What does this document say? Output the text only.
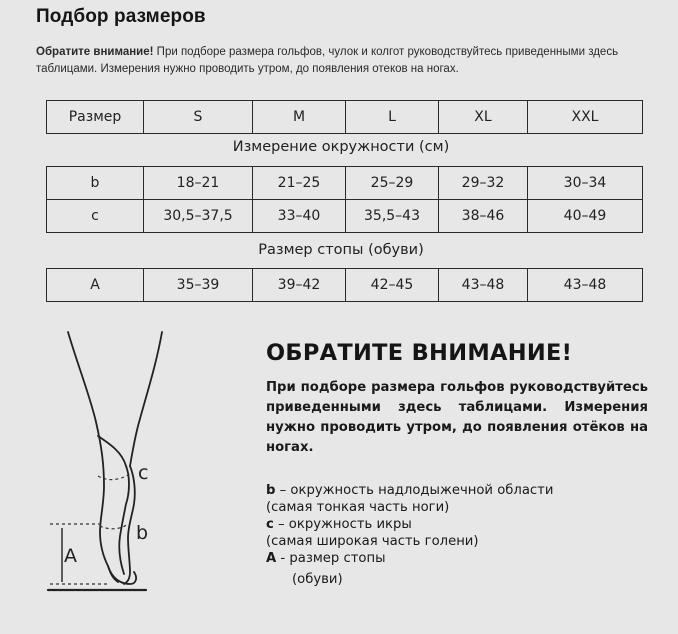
Подбор размеров
Обратите внимание! При подборе размера гольфов, чулок и колгот руководствуйтесь приведенными здесь таблицами. Измерения нужно проводить утром, до появления отеков на ногах.
Размер	S	M	L	XL	XXL
Измерение окружности (см)
b	18–21	21–25	25–29	29–32	30–34
c	30,5–37,5	33–40	35,5–43	38–46	40–49
Размер стопы (обуви)
A	35–39	39–42	42–45	43–48	43–48
c
b
A
ОБРАТИТЕ ВНИМАНИЕ!
При подборе размера гольфов руководствуйтесь приведенными здесь таблицами. Измерения нужно проводить утром, до появления отёков на ногах.
b – окружность надлодыжечной области
(самая тонкая часть ноги)
c – окружность икры
(самая широкая часть голени)
A - размер стопы
(обуви)
